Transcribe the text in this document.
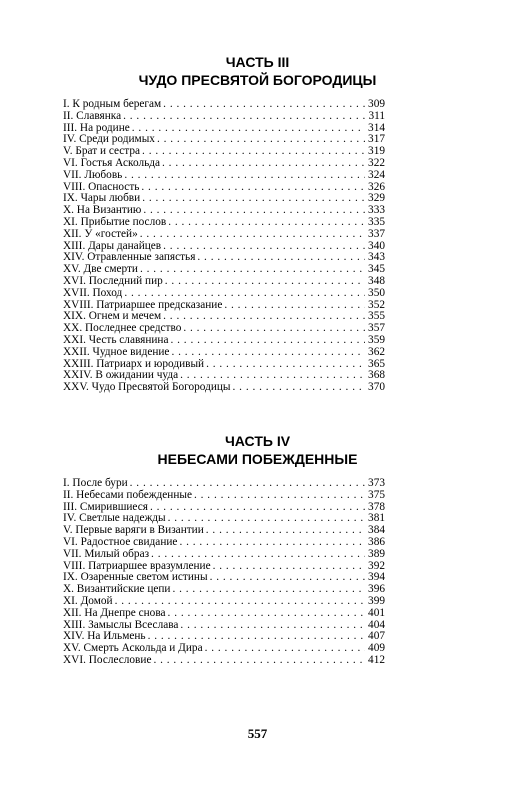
ЧАСТЬ III
ЧУДО ПРЕСВЯТОЙ БОГОРОДИЦЫ
I. К родным берегам . . .	309
II. Славянка . . .	311
III. На родине . . .	314
IV. Среди родимых . . .	317
V. Брат и сестра . . .	319
VI. Гостья Аскольда . . .	322
VII. Любовь . . .	324
VIII. Опасность . . .	326
IX. Чары любви . . .	329
X. На Византию . . .	333
XI. Прибытие послов . . .	335
XII. У «гостей» . . .	337
XIII. Дары данайцев . . .	340
XIV. Отравленные запястья . . .	343
XV. Две смерти . . .	345
XVI. Последний пир . . .	348
XVII. Поход . . .	350
XVIII. Патриаршее предсказание . . .	352
XIX. Огнем и мечем . . .	355
XX. Последнее средство . . .	357
XXI. Честь славянина . . .	359
XXII. Чудное видение . . .	362
XXIII. Патриарх и юродивый . . .	365
XXIV. В ожидании чуда . . .	368
XXV. Чудо Пресвятой Богородицы . . .	370
ЧАСТЬ IV
НЕБЕСАМИ ПОБЕЖДЕННЫЕ
I. После бури . . .	373
II. Небесами побежденные . . .	375
III. Смирившиеся . . .	378
IV. Светлые надежды . . .	381
V. Первые варяги в Византии . . .	384
VI. Радостное свидание . . .	386
VII. Милый образ . . .	389
VIII. Патриаршее вразумление . . .	392
IX. Озаренные светом истины . . .	394
X. Византийские цепи . . .	396
XI. Домой . . .	399
XII. На Днепре снова . . .	401
XIII. Замыслы Всеслава . . .	404
XIV. На Ильмень . . .	407
XV. Смерть Аскольда и Дира . . .	409
XVI. Послесловие . . .	412
557
